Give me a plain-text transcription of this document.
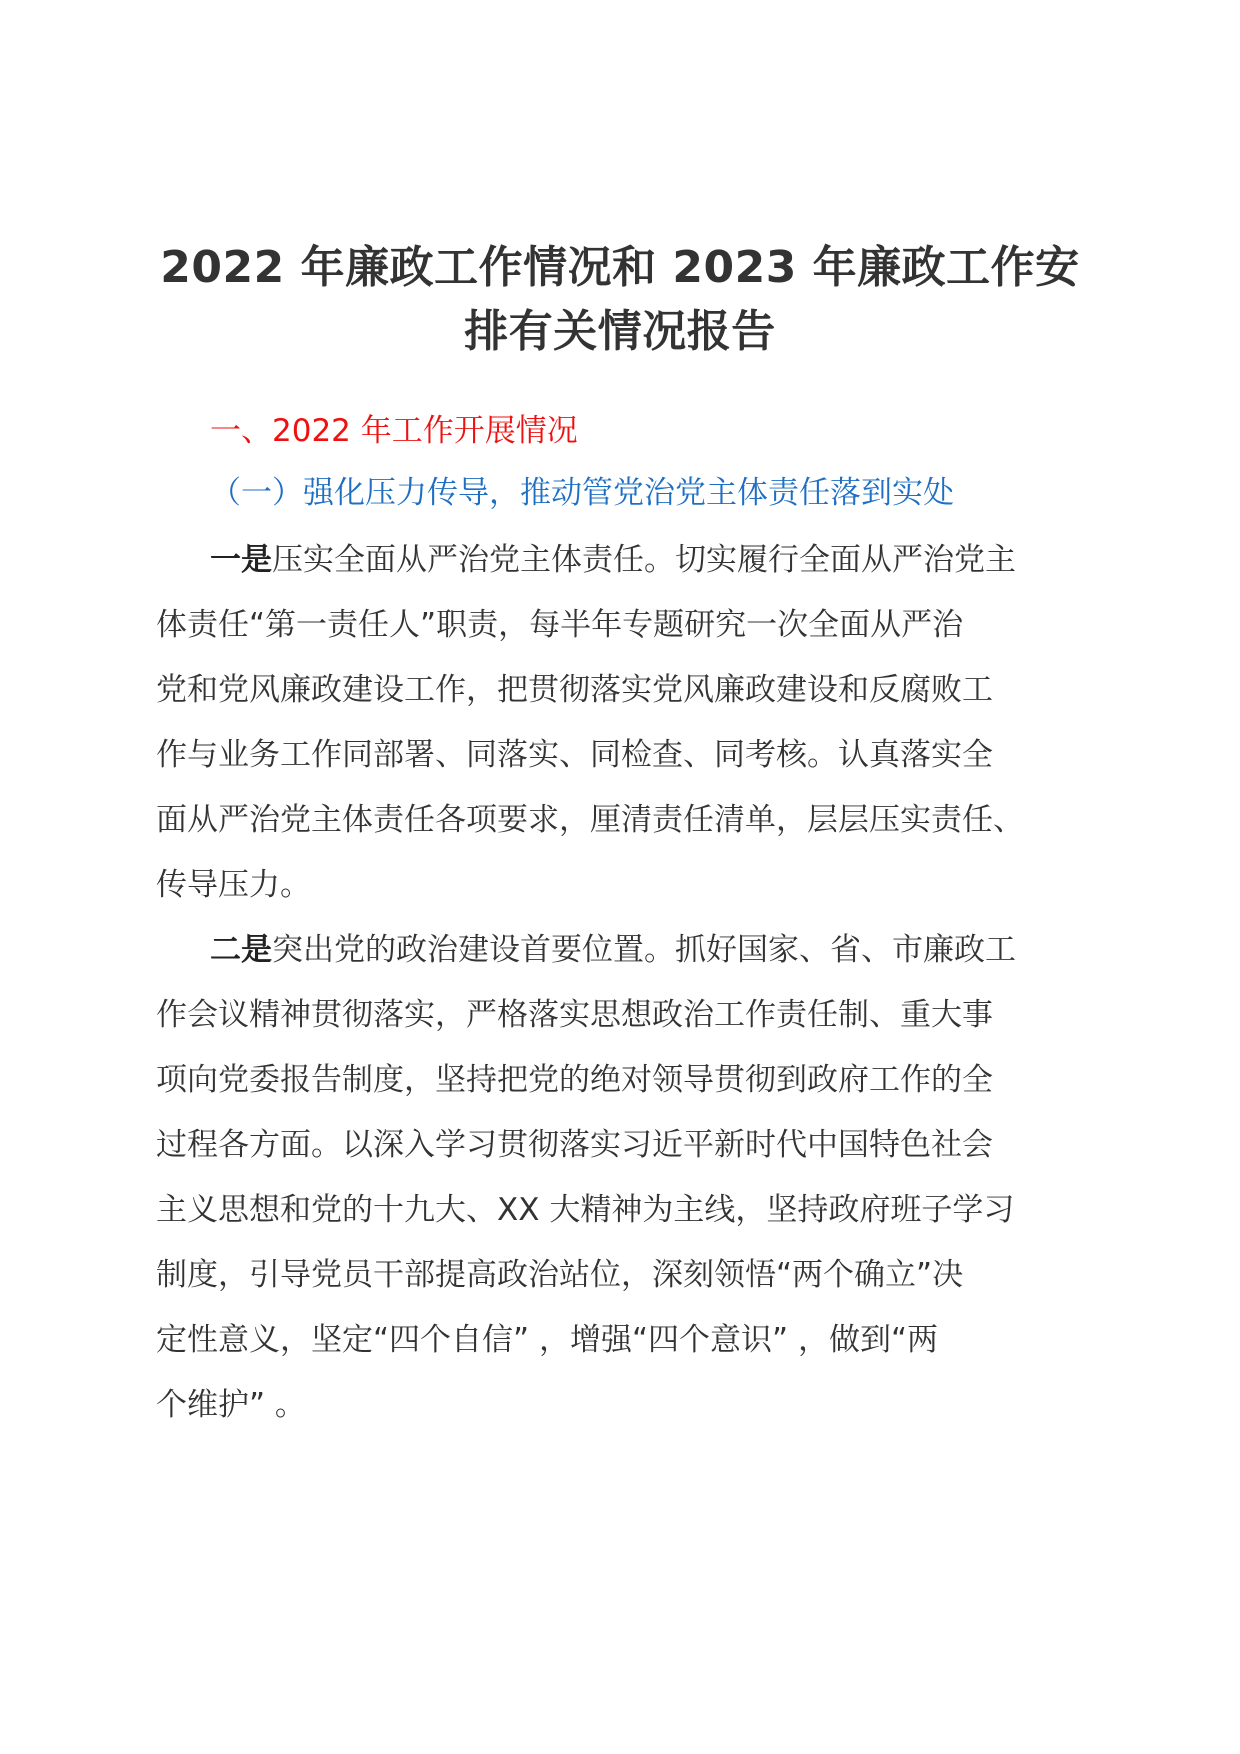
2022 年廉政工作情况和 2023 年廉政工作安
排有关情况报告
一、2022 年工作开展情况
（一）强化压力传导，推动管党治党主体责任落到实处
一是压实全面从严治党主体责任。切实履行全面从严治党主
体责任“第一责任人”职责，每半年专题研究一次全面从严治
党和党风廉政建设工作，把贯彻落实党风廉政建设和反腐败工
作与业务工作同部署、同落实、同检查、同考核。认真落实全
面从严治党主体责任各项要求，厘清责任清单，层层压实责任、
传导压力。
二是突出党的政治建设首要位置。抓好国家、省、市廉政工
作会议精神贯彻落实，严格落实思想政治工作责任制、重大事
项向党委报告制度，坚持把党的绝对领导贯彻到政府工作的全
过程各方面。以深入学习贯彻落实习近平新时代中国特色社会
主义思想和党的十九大、XX 大精神为主线，坚持政府班子学习
制度，引导党员干部提高政治站位，深刻领悟“两个确立”决
定性意义，坚定“四个自信” ，增强“四个意识” ，做到“两
个维护” 。
